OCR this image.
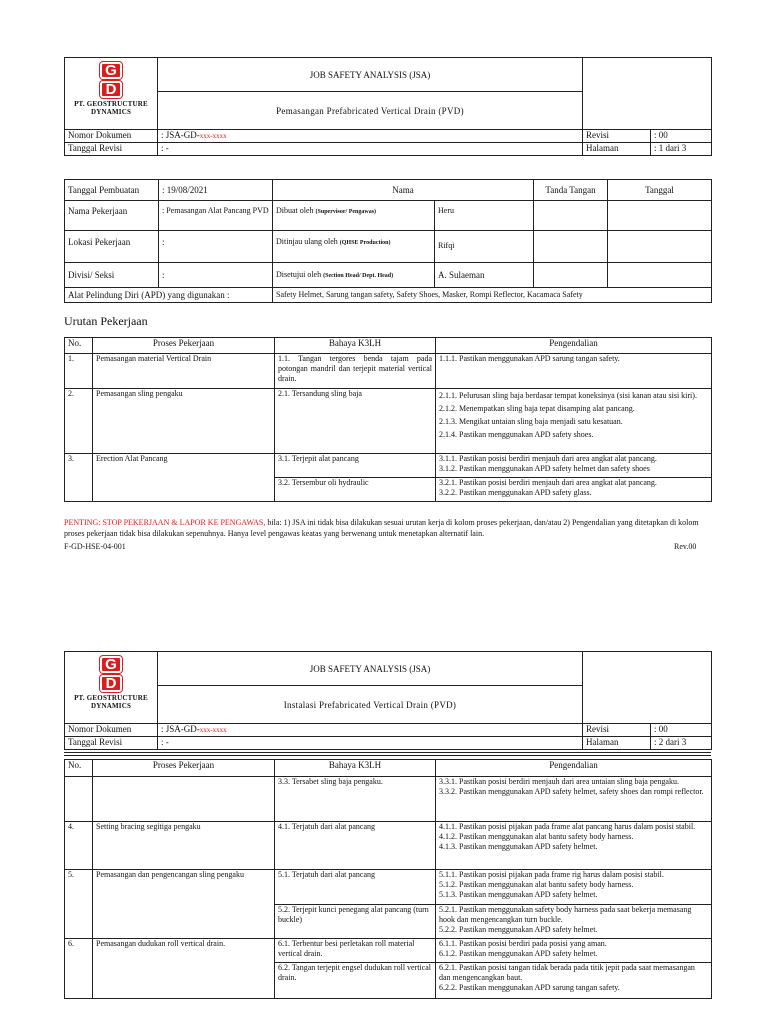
G
D
PT. GEOSTRUCTURE
DYNAMICS	JOB SAFETY ANALYSIS (JSA)		
	Pemasangan Prefabricated Vertical Drain (PVD)		
Nomor Dokumen	: JSA-GD-xxx-xxxx	Revisi	: 00
Tanggal Revisi	: -	Halaman	: 1 dari 3
Tanggal Pembuatan	: 19/08/2021	Nama		Tanda Tangan	Tanggal
Nama Pekerjaan	: Pemasangan Alat Pancang PVD	Dibuat oleh (Supervisor/ Pengawas)	Heru		
Lokasi Pekerjaan	:	Ditinjau ulang oleh (QHSE Production)	Rifqi		
Divisi/ Seksi	:	Disetujui oleh (Section Head/ Dept. Head)	A. Sulaeman		
Alat Pelindung Diri (APD) yang digunakan :		Safety Helmet, Sarung tangan safety, Safety Shoes, Masker, Rompi Reflector, Kacamaca Safety			
Urutan Pekerjaan
No.	Proses Pekerjaan	Bahaya K3LH	Pengendalian
1.	Pemasangan material Vertical Drain	1.1. Tangan tergores benda tajam pada potongan mandril dan terjepit material vertical drain.	1.1.1. Pastikan menggunakan APD sarung tangan safety.

2.	Pemasangan sling pengaku	2.1. Tersandung sling baja	2.1.1. Pelurusan sling baja berdasar tempat koneksinya (sisi kanan atau sisi kiri).

2.1.2. Menempatkan sling baja tepat disamping alat pancang.

2.1.3. Mengikat untaian sling baja menjadi satu kesatuan.

2.1.4. Pastikan menggunakan APD safety shoes.

3.	Erection Alat Pancang	3.1. Terjepit alat pancang	3.1.1. Pastikan posisi berdiri menjauh dari area angkat alat pancang.

3.1.2. Pastikan menggunakan APD safety helmet dan safety shoes

		3.2. Tersembur oli hydraulic	3.2.1. Pastikan posisi berdiri menjauh dari area angkat alat pancang.

3.2.2. Pastikan menggunakan APD safety glass.

PENTING: STOP PEKERJAAN & LAPOR KE PENGAWAS, bila: 1) JSA ini tidak bisa dilakukan sesuai urutan kerja di kolom proses pekerjaan, dan/atau 2) Pengendalian yang ditetapkan di kolom proses pekerjaan tidak bisa dilakukan sepenuhnya. Hanya level pengawas keatas yang berwenang untuk menetapkan alternatif lain.
F-GD-HSE-04-001	Rev.00
G
D
PT. GEOSTRUCTURE
DYNAMICS	JOB SAFETY ANALYSIS (JSA)		
	Instalasi Prefabricated Vertical Drain (PVD)		
Nomor Dokumen	: JSA-GD-xxx-xxxx	Revisi	: 00
Tanggal Revisi	: -	Halaman	: 2 dari 3
No.	Proses Pekerjaan	Bahaya K3LH	Pengendalian
		3.3. Tersabet sling baja pengaku.	3.3.1. Pastikan posisi berdiri menjauh dari area untaian sling baja pengaku.

3.3.2. Pastikan menggunakan APD safety helmet, safety shoes dan rompi reflector.

4.	Setting bracing segitiga pengaku	4.1. Terjatuh dari alat pancang	4.1.1. Pastikan posisi pijakan pada frame alat pancang harus dalam posisi stabil.

4.1.2. Pastikan menggunakan alat bantu safety body harness.

4.1.3. Pastikan menggunakan APD safety helmet.

5.	Pemasangan dan pengencangan sling pengaku	5.1. Terjatuh dari alat pancang	5.1.1. Pastikan posisi pijakan pada frame rig harus dalam posisi stabil.

5.1.2. Pastikan menggunakan alat bantu safety body harness.

5.1.3. Pastikan menggunakan APD safety helmet.

		5.2. Terjepit kunci penegang alat pancang (turn buckle)	5.2.1. Pastikan menggunakan safety body harness pada saat bekerja memasang hook dan mengencangkan turn buckle.

5.2.2. Pastikan menggunakan APD safety helmet.

6.	Pemasangan dudukan roll vertical drain.	6.1. Terbentur besi perletakan roll material vertical drain.	6.1.1. Pastikan posisi berdiri pada posisi yang aman.

6.1.2. Pastikan menggunakan APD safety helmet.

		6.2. Tangan terjepit engsel dudukan roll vertical drain.	6.2.1. Pastikan posisi tangan tidak berada pada titik jepit pada saat memasangan dan mengencangkan baut.

6.2.2. Pastikan menggunakan APD sarung tangan safety.
